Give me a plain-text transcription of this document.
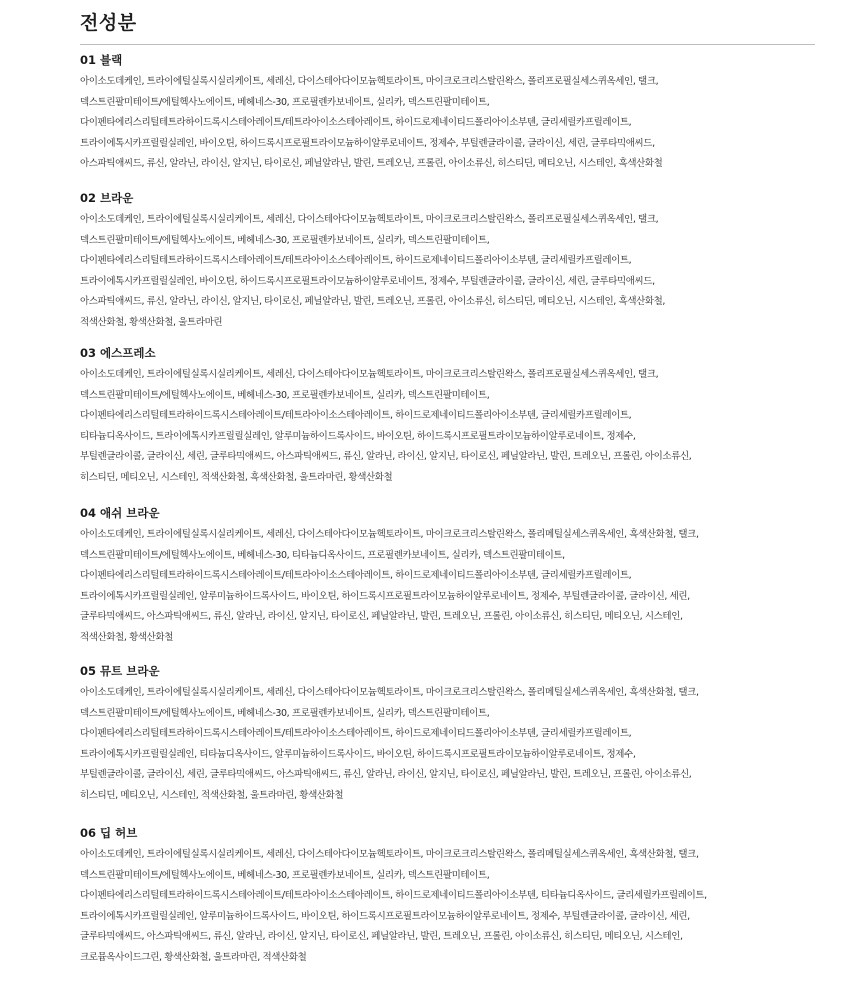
전성분
01 블랙
아이소도데케인, 트라이에틸실록시실리케이트, 세레신, 다이스테아다이모늄헥토라이트, 마이크로크리스탈린왁스, 폴리프로필실세스퀴옥세인, 탤크,
덱스트린팔미테이트/에틸헥사노에이트, 베헤네스-30, 프로필렌카보네이트, 실리카, 덱스트린팔미테이트,
다이펜타에리스리틸테트라하이드록시스테아레이트/테트라아이소스테아레이트, 하이드로제네이티드폴리아이소부텐, 글리세릴카프릴레이트,
트라이에톡시카프릴릴실레인, 바이오틴, 하이드록시프로필트라이모늄하이알루로네이트, 정제수, 부틸렌글라이콜, 글라이신, 세린, 글루타믹애씨드,
아스파틱애씨드, 류신, 알라닌, 라이신, 알지닌, 타이로신, 페닐알라닌, 발린, 트레오닌, 프롤린, 아이소류신, 히스티딘, 메티오닌, 시스테인, 흑색산화철
02 브라운
아이소도데케인, 트라이에틸실록시실리케이트, 세레신, 다이스테아다이모늄헥토라이트, 마이크로크리스탈린왁스, 폴리프로필실세스퀴옥세인, 탤크,
덱스트린팔미테이트/에틸헥사노에이트, 베헤네스-30, 프로필렌카보네이트, 실리카, 덱스트린팔미테이트,
다이펜타에리스리틸테트라하이드록시스테아레이트/테트라아이소스테아레이트, 하이드로제네이티드폴리아이소부텐, 글리세릴카프릴레이트,
트라이에톡시카프릴릴실레인, 바이오틴, 하이드록시프로필트라이모늄하이알루로네이트, 정제수, 부틸렌글라이콜, 글라이신, 세린, 글루타믹애씨드,
아스파틱애씨드, 류신, 알라닌, 라이신, 알지닌, 타이로신, 페닐알라닌, 발린, 트레오닌, 프롤린, 아이소류신, 히스티딘, 메티오닌, 시스테인, 흑색산화철,
적색산화철, 황색산화철, 울트라마린
03 에스프레소
아이소도데케인, 트라이에틸실록시실리케이트, 세레신, 다이스테아다이모늄헥토라이트, 마이크로크리스탈린왁스, 폴리프로필실세스퀴옥세인, 탤크,
덱스트린팔미테이트/에틸헥사노에이트, 베헤네스-30, 프로필렌카보네이트, 실리카, 덱스트린팔미테이트,
다이펜타에리스리틸테트라하이드록시스테아레이트/테트라아이소스테아레이트, 하이드로제네이티드폴리아이소부텐, 글리세릴카프릴레이트,
티타늄디옥사이드, 트라이에톡시카프릴릴실레인, 알루미늄하이드록사이드, 바이오틴, 하이드록시프로필트라이모늄하이알루로네이트, 정제수,
부틸렌글라이콜, 글라이신, 세린, 글루타믹애씨드, 아스파틱애씨드, 류신, 알라닌, 라이신, 알지닌, 타이로신, 페닐알라닌, 발린, 트레오닌, 프롤린, 아이소류신,
히스티딘, 메티오닌, 시스테인, 적색산화철, 흑색산화철, 울트라마린, 황색산화철
04 애쉬 브라운
아이소도데케인, 트라이에틸실록시실리케이트, 세레신, 다이스테아다이모늄헥토라이트, 마이크로크리스탈린왁스, 폴리메틸실세스퀴옥세인, 흑색산화철, 탤크,
덱스트린팔미테이트/에틸헥사노에이트, 베헤네스-30, 티타늄디옥사이드, 프로필렌카보네이트, 실리카, 덱스트린팔미테이트,
다이펜타에리스리틸테트라하이드록시스테아레이트/테트라아이소스테아레이트, 하이드로제네이티드폴리아이소부텐, 글리세릴카프릴레이트,
트라이에톡시카프릴릴실레인, 알루미늄하이드록사이드, 바이오틴, 하이드록시프로필트라이모늄하이알루로네이트, 정제수, 부틸렌글라이콜, 글라이신, 세린,
글루타믹애씨드, 아스파틱애씨드, 류신, 알라닌, 라이신, 알지닌, 타이로신, 페닐알라닌, 발린, 트레오닌, 프롤린, 아이소류신, 히스티딘, 메티오닌, 시스테인,
적색산화철, 황색산화철
05 뮤트 브라운
아이소도데케인, 트라이에틸실록시실리케이트, 세레신, 다이스테아다이모늄헥토라이트, 마이크로크리스탈린왁스, 폴리메틸실세스퀴옥세인, 흑색산화철, 탤크,
덱스트린팔미테이트/에틸헥사노에이트, 베헤네스-30, 프로필렌카보네이트, 실리카, 덱스트린팔미테이트,
다이펜타에리스리틸테트라하이드록시스테아레이트/테트라아이소스테아레이트, 하이드로제네이티드폴리아이소부텐, 글리세릴카프릴레이트,
트라이에톡시카프릴릴실레인, 티타늄디옥사이드, 알루미늄하이드록사이드, 바이오틴, 하이드록시프로필트라이모늄하이알루로네이트, 정제수,
부틸렌글라이콜, 글라이신, 세린, 글루타믹애씨드, 아스파틱애씨드, 류신, 알라닌, 라이신, 알지닌, 타이로신, 페닐알라닌, 발린, 트레오닌, 프롤린, 아이소류신,
히스티딘, 메티오닌, 시스테인, 적색산화철, 울트라마린, 황색산화철
06 딥 허브
아이소도데케인, 트라이에틸실록시실리케이트, 세레신, 다이스테아다이모늄헥토라이트, 마이크로크리스탈린왁스, 폴리메틸실세스퀴옥세인, 흑색산화철, 탤크,
덱스트린팔미테이트/에틸헥사노에이트, 베헤네스-30, 프로필렌카보네이트, 실리카, 덱스트린팔미테이트,
다이펜타에리스리틸테트라하이드록시스테아레이트/테트라아이소스테아레이트, 하이드로제네이티드폴리아이소부텐, 티타늄디옥사이드, 글리세릴카프릴레이트,
트라이에톡시카프릴릴실레인, 알루미늄하이드록사이드, 바이오틴, 하이드록시프로필트라이모늄하이알루로네이트, 정제수, 부틸렌글라이콜, 글라이신, 세린,
글루타믹애씨드, 아스파틱애씨드, 류신, 알라닌, 라이신, 알지닌, 타이로신, 페닐알라닌, 발린, 트레오닌, 프롤린, 아이소류신, 히스티딘, 메티오닌, 시스테인,
크로뮴옥사이드그린, 황색산화철, 울트라마린, 적색산화철
